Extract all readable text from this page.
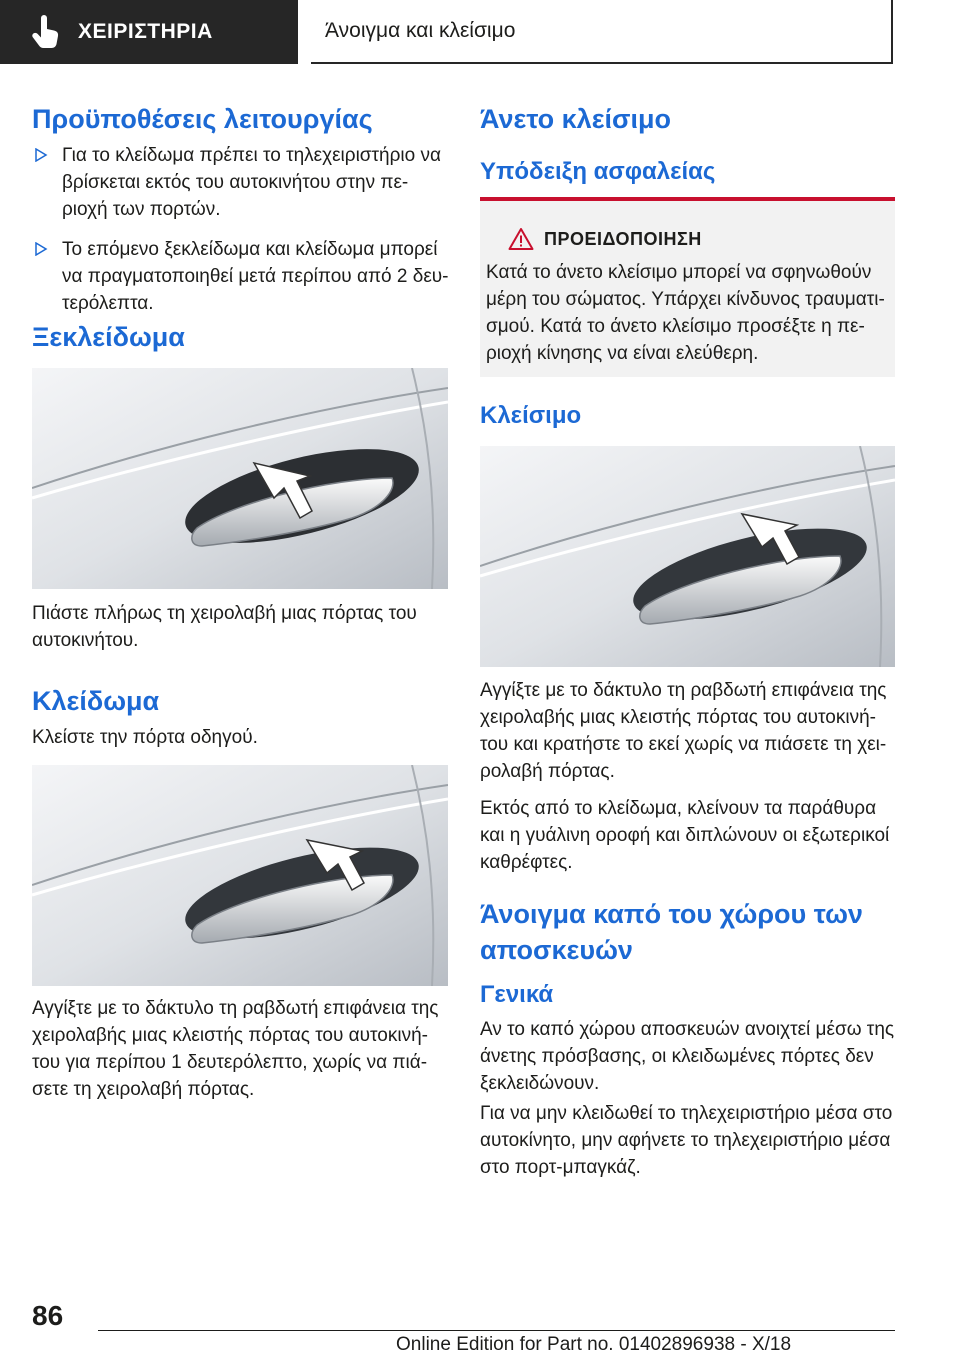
ΧΕΙΡΙΣΤΗΡΙΑ	Άνοιγμα και κλείσιμο
Προϋποθέσεις λειτουργίας
Για το κλείδωμα πρέπει το τηλεχειριστήριο να βρίσκεται εκτός του αυτοκινήτου στην πε-ριοχή των πορτών.
Το επόμενο ξεκλείδωμα και κλείδωμα μπορεί να πραγματοποιηθεί μετά περίπου από 2 δευ-τερόλεπτα.
Ξεκλείδωμα
Πιάστε πλήρως τη χειρολαβή μιας πόρτας του αυτοκινήτου.
Κλείδωμα
Κλείστε την πόρτα οδηγού.
Αγγίξτε με το δάκτυλο τη ραβδωτή επιφάνεια της χειρολαβής μιας κλειστής πόρτας του αυτοκινή-του για περίπου 1 δευτερόλεπτο, χωρίς να πιά-σετε τη χειρολαβή πόρτας.
Άνετο κλείσιμο
Υπόδειξη ασφαλείας
ΠΡΟΕΙΔΟΠΟΙΗΣΗ
Κατά το άνετο κλείσιμο μπορεί να σφηνωθούν μέρη του σώματος. Υπάρχει κίνδυνος τραυματι-σμού. Κατά το άνετο κλείσιμο προσέξτε η πε-ριοχή κίνησης να είναι ελεύθερη.
Κλείσιμο
Αγγίξτε με το δάκτυλο τη ραβδωτή επιφάνεια της χειρολαβής μιας κλειστής πόρτας του αυτοκινή-του και κρατήστε το εκεί χωρίς να πιάσετε τη χει-ρολαβή πόρτας.
Εκτός από το κλείδωμα, κλείνουν τα παράθυρα και η γυάλινη οροφή και διπλώνουν οι εξωτερικοί καθρέφτες.
Άνοιγμα καπό του χώρου των αποσκευών
Γενικά
Αν το καπό χώρου αποσκευών ανοιχτεί μέσω της άνετης πρόσβασης, οι κλειδωμένες πόρτες δεν ξεκλειδώνουν.
Για να μην κλειδωθεί το τηλεχειριστήριο μέσα στο αυτοκίνητο, μην αφήνετε το τηλεχειριστήριο μέσα στο πορτ-μπαγκάζ.
86
Online Edition for Part no. 01402896938 - X/18
